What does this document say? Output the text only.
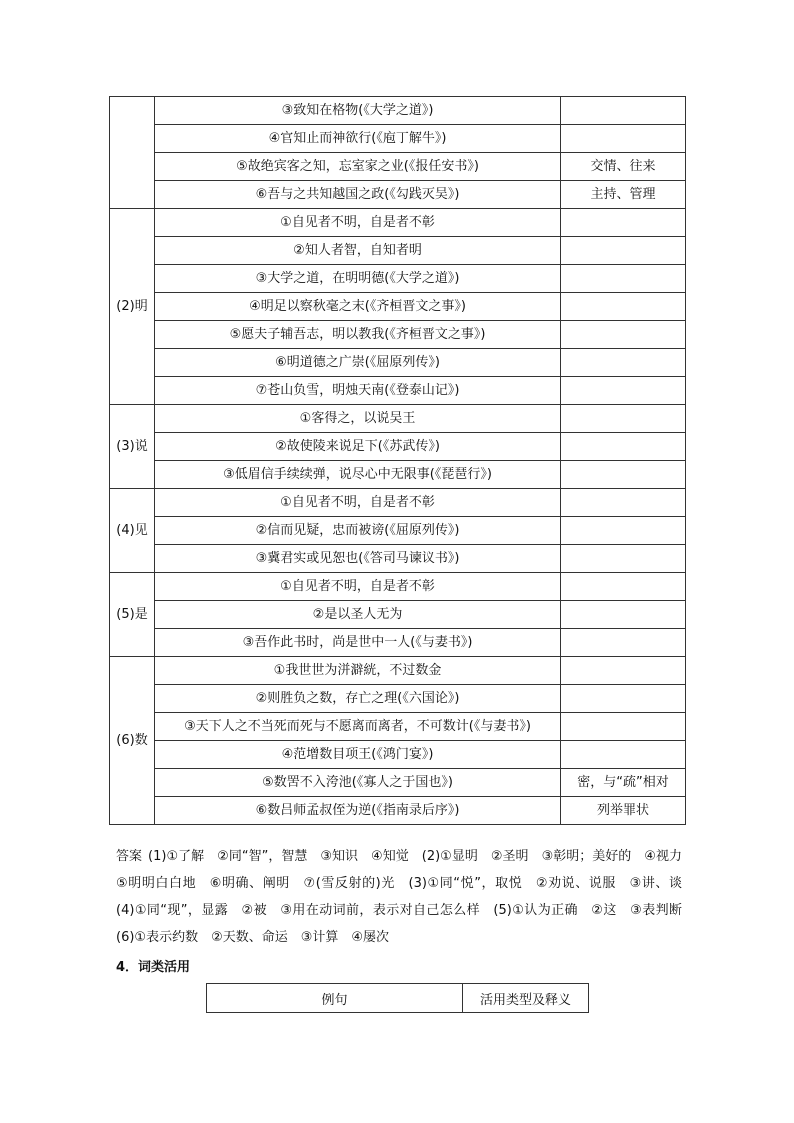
	③致知在格物(《大学之道》)	
	④官知止而神欲行(《庖丁解牛》)	
	⑤故绝宾客之知，忘室家之业(《报任安书》)	交情、往来
	⑥吾与之共知越国之政(《勾践灭吴》)	主持、管理
(2)明	①自见者不明，自是者不彰	
	②知人者智，自知者明	
	③大学之道，在明明德(《大学之道》)	
	④明足以察秋毫之末(《齐桓晋文之事》)	
	⑤愿夫子辅吾志，明以教我(《齐桓晋文之事》)	
	⑥明道德之广崇(《屈原列传》)	
	⑦苍山负雪，明烛天南(《登泰山记》)	
(3)说	①客得之，以说吴王	
	②故使陵来说足下(《苏武传》)	
	③低眉信手续续弹，说尽心中无限事(《琵琶行》)	
(4)见	①自见者不明，自是者不彰	
	②信而见疑，忠而被谤(《屈原列传》)	
	③冀君实或见恕也(《答司马谏议书》)	
(5)是	①自见者不明，自是者不彰	
	②是以圣人无为	
	③吾作此书时，尚是世中一人(《与妻书》)	
(6)数	①我世世为洴澼絖，不过数金	
	②则胜负之数，存亡之理(《六国论》)	
	③天下人之不当死而死与不愿离而离者，不可数计(《与妻书》)	
	④范增数目项王(《鸿门宴》)	
	⑤数罟不入洿池(《寡人之于国也》)	密，与“疏”相对
	⑥数吕师孟叔侄为逆(《指南录后序》)	列举罪状

答案 (1)①了解　②同“智”，智慧　③知识　④知觉　(2)①显明　②圣明　③彰明；美好的　④视力　⑤明明白白地　⑥明确、阐明　⑦(雪反射的)光　(3)①同“悦”，取悦　②劝说、说服　③讲、谈　(4)①同“现”，显露　②被　③用在动词前，表示对自己怎么样　(5)①认为正确　②这　③表判断　(6)①表示约数　②天数、命运　③计算　④屡次

4．词类活用

例句	活用类型及释义
